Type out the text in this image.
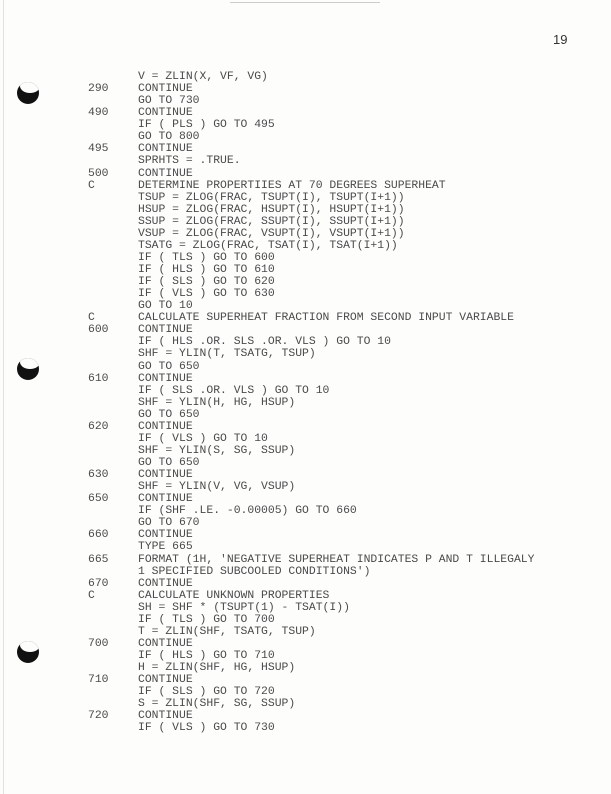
19
V = ZLIN(X, VF, VG)
290	CONTINUE
GO TO 730
490	CONTINUE
IF ( PLS ) GO TO 495
GO TO 800
495	CONTINUE
SPRHTS = .TRUE.
500	CONTINUE
C	DETERMINE PROPERTIIES AT 70 DEGREES SUPERHEAT
TSUP = ZLOG(FRAC, TSUPT(I), TSUPT(I+1))
HSUP = ZLOG(FRAC, HSUPT(I), HSUPT(I+1))
SSUP = ZLOG(FRAC, SSUPT(I), SSUPT(I+1))
VSUP = ZLOG(FRAC, VSUPT(I), VSUPT(I+1))
TSATG = ZLOG(FRAC, TSAT(I), TSAT(I+1))
IF ( TLS ) GO TO 600
IF ( HLS ) GO TO 610
IF ( SLS ) GO TO 620
IF ( VLS ) GO TO 630
GO TO 10
C	CALCULATE SUPERHEAT FRACTION FROM SECOND INPUT VARIABLE
600	CONTINUE
IF ( HLS .OR. SLS .OR. VLS ) GO TO 10
SHF = YLIN(T, TSATG, TSUP)
GO TO 650
610	CONTINUE
IF ( SLS .OR. VLS ) GO TO 10
SHF = YLIN(H, HG, HSUP)
GO TO 650
620	CONTINUE
IF ( VLS ) GO TO 10
SHF = YLIN(S, SG, SSUP)
GO TO 650
630	CONTINUE
SHF = YLIN(V, VG, VSUP)
650	CONTINUE
IF (SHF .LE. -0.00005) GO TO 660
GO TO 670
660	CONTINUE
TYPE 665
665	FORMAT (1H, 'NEGATIVE SUPERHEAT INDICATES P AND T ILLEGALY
1 SPECIFIED SUBCOOLED CONDITIONS')
670	CONTINUE
C	CALCULATE UNKNOWN PROPERTIES
SH = SHF * (TSUPT(1) - TSAT(I))
IF ( TLS ) GO TO 700
T = ZLIN(SHF, TSATG, TSUP)
700	CONTINUE
IF ( HLS ) GO TO 710
H = ZLIN(SHF, HG, HSUP)
710	CONTINUE
IF ( SLS ) GO TO 720
S = ZLIN(SHF, SG, SSUP)
720	CONTINUE
IF ( VLS ) GO TO 730
